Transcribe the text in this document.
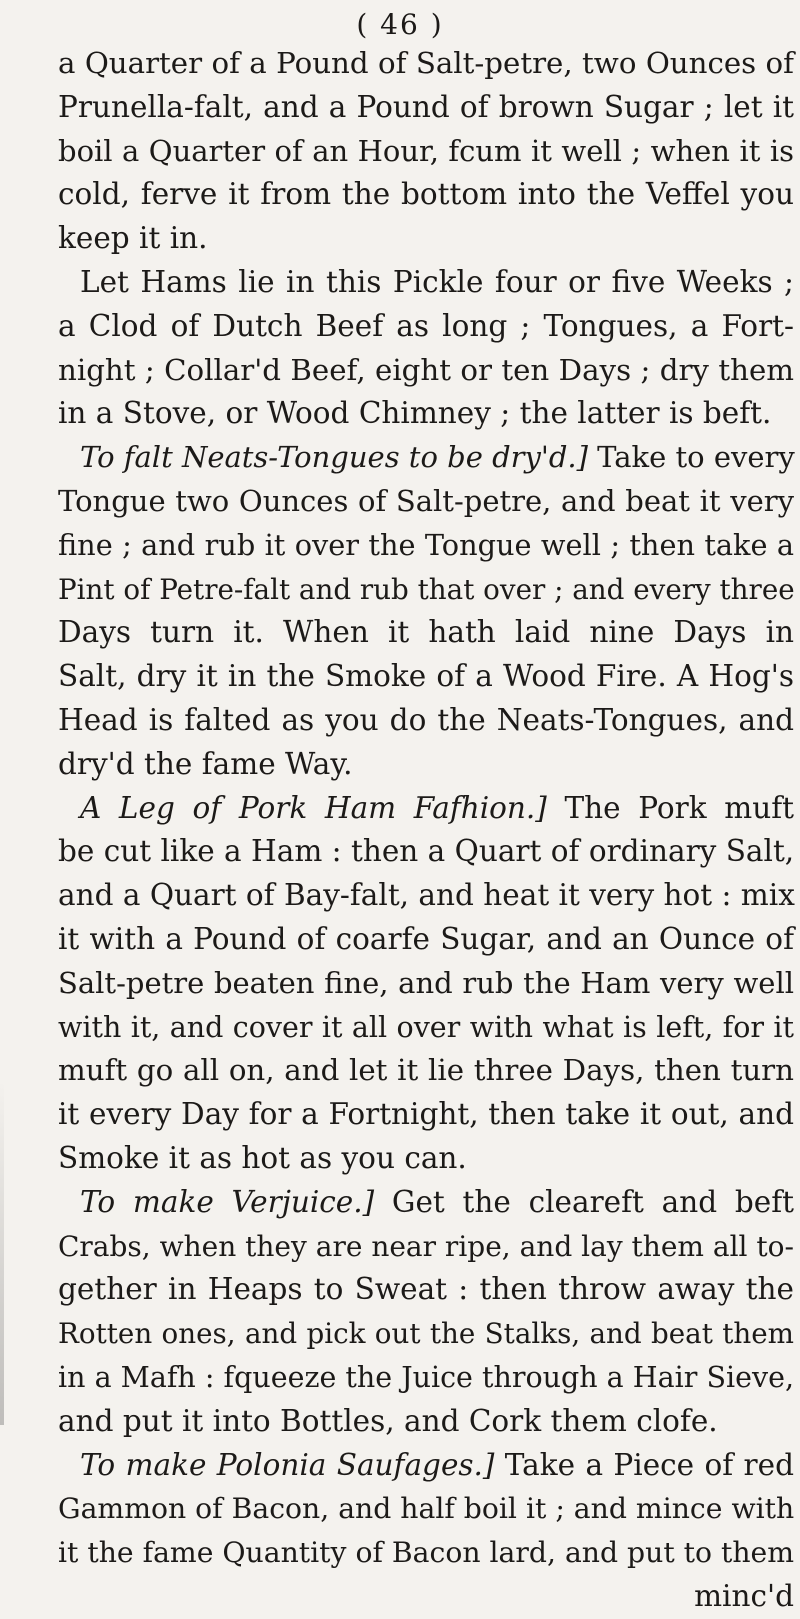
( 46 )
a Quarter of a Pound of Salt-petre, two Ounces of
Prunella-falt, and a Pound of brown Sugar ; let it
boil a Quarter of an Hour, fcum it well ; when it is
cold, ferve it from the bottom into the Veffel you
keep it in.
Let Hams lie in this Pickle four or five Weeks ;
a Clod of Dutch Beef as long ; Tongues, a Fort-
night ; Collar'd Beef, eight or ten Days ; dry them
in a Stove, or Wood Chimney ; the latter is beft.
To falt Neats-Tongues to be dry'd.] Take to every
Tongue two Ounces of Salt-petre, and beat it very
fine ; and rub it over the Tongue well ; then take a
Pint of Petre-falt and rub that over ; and every three
Days turn it. When it hath laid nine Days in
Salt, dry it in the Smoke of a Wood Fire. A Hog's
Head is falted as you do the Neats-Tongues, and
dry'd the fame Way.
A Leg of Pork Ham Fafhion.] The Pork muft
be cut like a Ham : then a Quart of ordinary Salt,
and a Quart of Bay-falt, and heat it very hot : mix
it with a Pound of coarfe Sugar, and an Ounce of
Salt-petre beaten fine, and rub the Ham very well
with it, and cover it all over with what is left, for it
muft go all on, and let it lie three Days, then turn
it every Day for a Fortnight, then take it out, and
Smoke it as hot as you can.
To make Verjuice.] Get the cleareft and beft
Crabs, when they are near ripe, and lay them all to-
gether in Heaps to Sweat : then throw away the
Rotten ones, and pick out the Stalks, and beat them
in a Mafh : fqueeze the Juice through a Hair Sieve,
and put it into Bottles, and Cork them clofe.
To make Polonia Saufages.] Take a Piece of red
Gammon of Bacon, and half boil it ; and mince with
it the fame Quantity of Bacon lard, and put to them
minc'd
